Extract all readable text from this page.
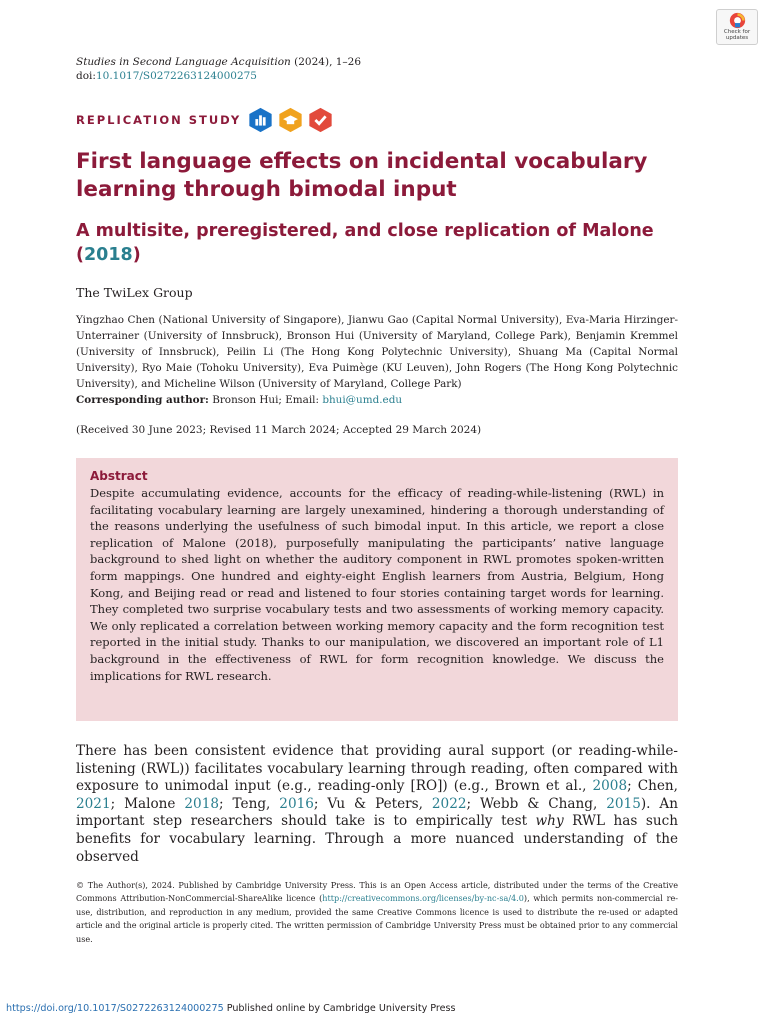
Studies in Second Language Acquisition (2024), 1–26
doi:10.1017/S0272263124000275
Check for
updates
REPLICATION STUDY
First language effects on incidental vocabulary learning through bimodal input
A multisite, preregistered, and close replication of Malone (2018)
The TwiLex Group
Yingzhao Chen (National University of Singapore), Jianwu Gao (Capital Normal University), Eva-Maria Hirzinger-Unterrainer (University of Innsbruck), Bronson Hui (University of Maryland, College Park), Benjamin Kremmel (University of Innsbruck), Peilin Li (The Hong Kong Polytechnic University), Shuang Ma (Capital Normal University), Ryo Maie (Tohoku University), Eva Puimège (KU Leuven), John Rogers (The Hong Kong Polytechnic University), and Micheline Wilson (University of Maryland, College Park)
Corresponding author: Bronson Hui; Email: bhui@umd.edu
(Received 30 June 2023; Revised 11 March 2024; Accepted 29 March 2024)
Abstract
Despite accumulating evidence, accounts for the efficacy of reading-while-listening (RWL) in facilitating vocabulary learning are largely unexamined, hindering a thorough understanding of the reasons underlying the usefulness of such bimodal input. In this article, we report a close replication of Malone (2018), purposefully manipulating the participants’ native language background to shed light on whether the auditory component in RWL promotes spoken-written form mappings. One hundred and eighty-eight English learners from Austria, Belgium, Hong Kong, and Beijing read or read and listened to four stories containing target words for learning. They completed two surprise vocabulary tests and two assessments of working memory capacity. We only replicated a correlation between working memory capacity and the form recognition test reported in the initial study. Thanks to our manipulation, we discovered an important role of L1 background in the effectiveness of RWL for form recognition knowledge. We discuss the implications for RWL research.
There has been consistent evidence that providing aural support (or reading-while-listening (RWL)) facilitates vocabulary learning through reading, often compared with exposure to unimodal input (e.g., reading-only [RO]) (e.g., Brown et al., 2008; Chen, 2021; Malone 2018; Teng, 2016; Vu & Peters, 2022; Webb & Chang, 2015). An important step researchers should take is to empirically test why RWL has such benefits for vocabulary learning. Through a more nuanced understanding of the observed
© The Author(s), 2024. Published by Cambridge University Press. This is an Open Access article, distributed under the terms of the Creative Commons Attribution-NonCommercial-ShareAlike licence (http://creativecommons.org/licenses/by-nc-sa/4.0), which permits non-commercial re-use, distribution, and reproduction in any medium, provided the same Creative Commons licence is used to distribute the re-used or adapted article and the original article is properly cited. The written permission of Cambridge University Press must be obtained prior to any commercial use.
https://doi.org/10.1017/S0272263124000275 Published online by Cambridge University Press
